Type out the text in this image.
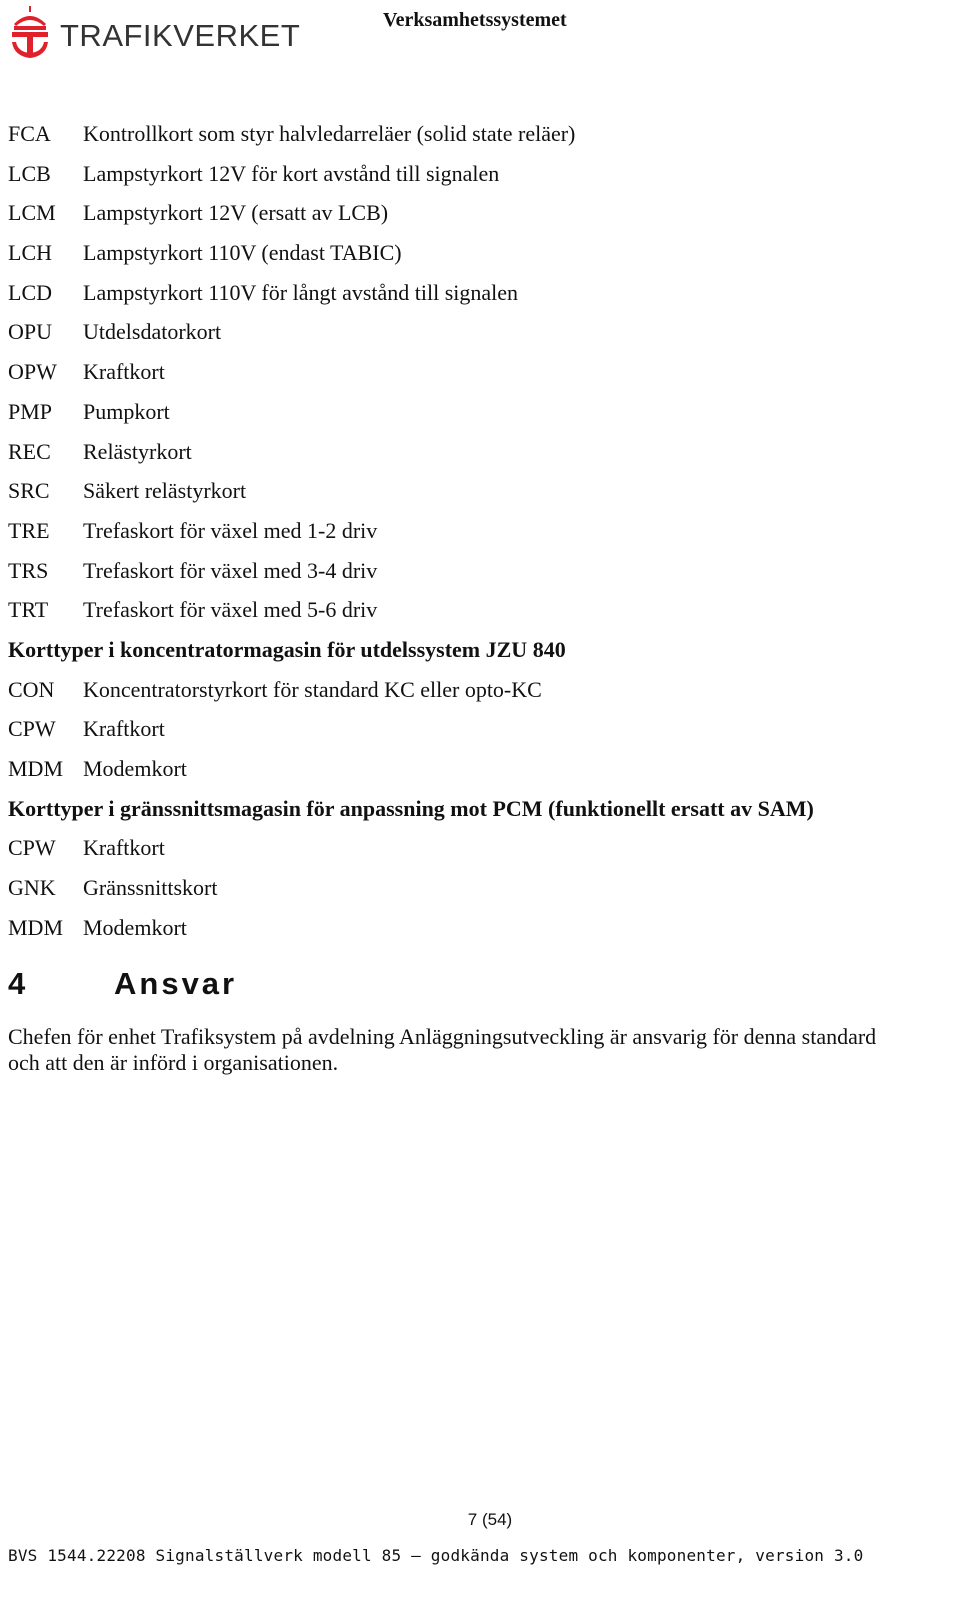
TRAFIKVERKET	Verksamhetssystemet
FCA	Kontrollkort som styr halvledarreläer (solid state reläer)
LCB	Lampstyrkort 12V för kort avstånd till signalen
LCM	Lampstyrkort 12V (ersatt av LCB)
LCH	Lampstyrkort 110V (endast TABIC)
LCD	Lampstyrkort 110V för långt avstånd till signalen
OPU	Utdelsdatorkort
OPW	Kraftkort
PMP	Pumpkort
REC	Relästyrkort
SRC	Säkert relästyrkort
TRE	Trefaskort för växel med 1-2 driv
TRS	Trefaskort för växel med 3-4 driv
TRT	Trefaskort för växel med 5-6 driv
Korttyper i koncentratormagasin för utdelssystem JZU 840
CON	Koncentratorstyrkort för standard KC eller opto-KC
CPW	Kraftkort
MDM Modemkort
Korttyper i gränssnittsmagasin för anpassning mot PCM (funktionellt ersatt av SAM)
CPW	Kraftkort
GNK	Gränssnittskort
MDM Modemkort
4	Ansvar
Chefen för enhet Trafiksystem på avdelning Anläggningsutveckling är ansvarig för denna standard
och att den är införd i organisationen.
7 (54)
BVS 1544.22208 Signalställverk modell 85 – godkända system och komponenter, version 3.0
